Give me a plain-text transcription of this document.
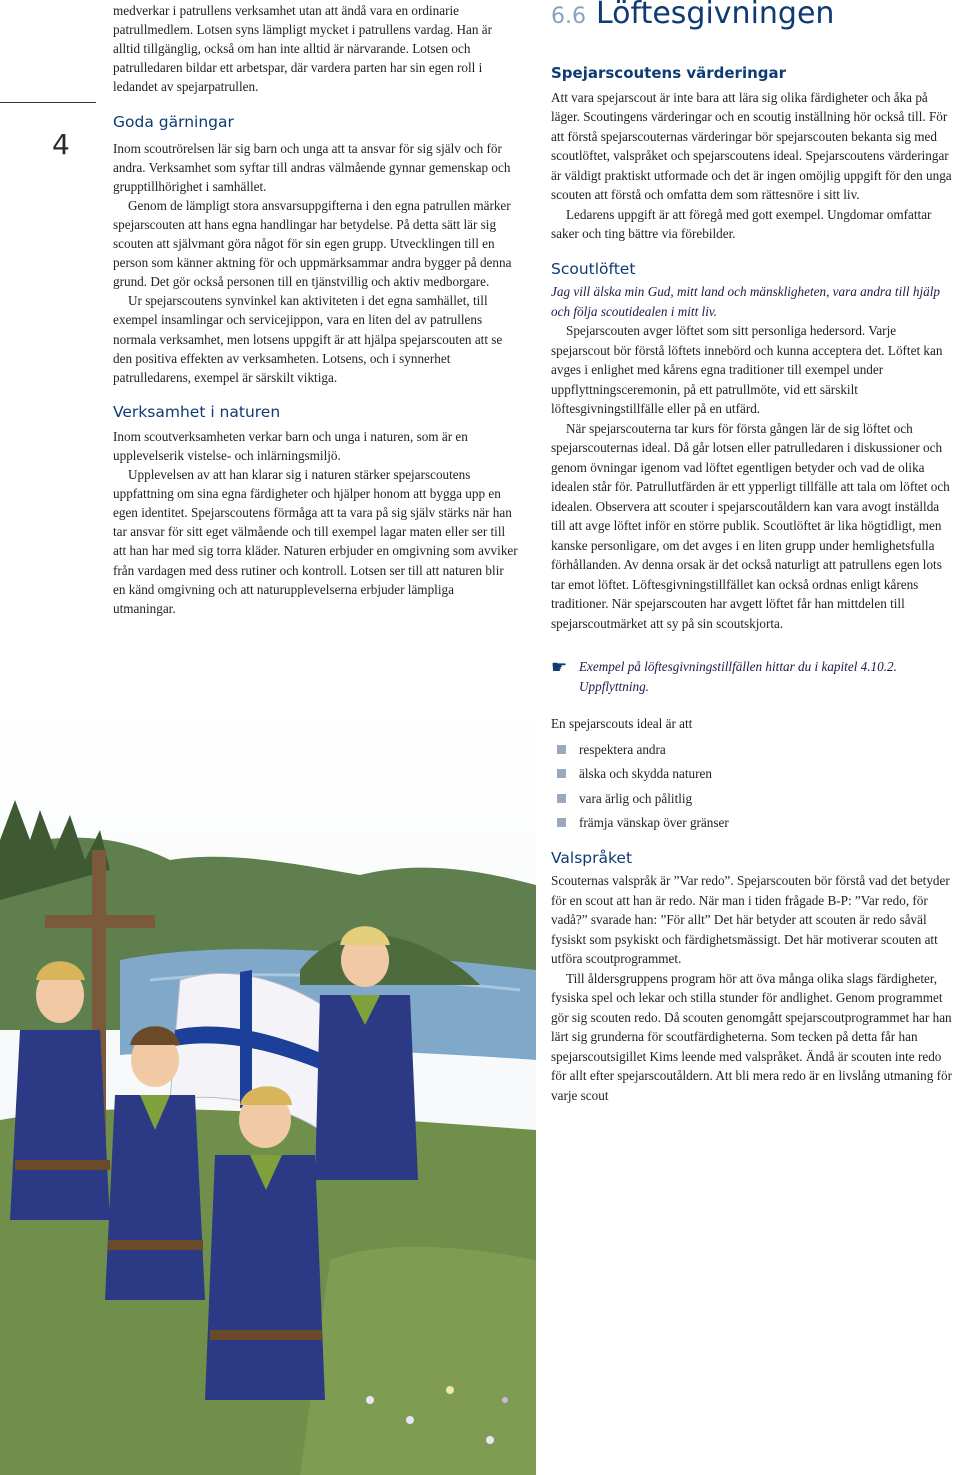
4

medverkar i patrullens verksamhet utan att ändå vara en ordinarie patrullmedlem. Lotsen syns lämpligt mycket i patrullens vardag. Han är alltid tillgänglig, också om han inte alltid är närvarande. Lotsen och patrulledaren bildar ett arbetspar, där vardera parten har sin egen roll i ledandet av spejarpatrullen.

Goda gärningar

Inom scoutrörelsen lär sig barn och unga att ta ansvar för sig själv och för andra. Verksamhet som syftar till andras välmående gynnar gemenskap och grupptillhörighet i samhället.

Genom de lämpligt stora ansvarsuppgifterna i den egna patrullen märker spejarscouten att hans egna handlingar har betydelse. På detta sätt lär sig scouten att självmant göra något för sin egen grupp. Utvecklingen till en person som känner aktning för och uppmärksammar andra bygger på denna grund. Det gör också personen till en tjänstvillig och aktiv medborgare.

Ur spejarscoutens synvinkel kan aktiviteten i det egna samhället, till exempel insamlingar och servicejippon, vara en liten del av patrullens normala verksamhet, men lotsens uppgift är att hjälpa spejarscouten att se den positiva effekten av verksamheten. Lotsens, och i synnerhet patrulledarens, exempel är särskilt viktiga.

Verksamhet i naturen

Inom scoutverksamheten verkar barn och unga i naturen, som är en upplevelserik vistelse- och inlärningsmiljö.

Upplevelsen av att han klarar sig i naturen stärker spejarscoutens uppfattning om sina egna färdigheter och hjälper honom att bygga upp en egen identitet. Spejarscoutens förmåga att ta vara på sig själv stärks när han tar ansvar för sitt eget välmående och till exempel lagar maten eller ser till att han har med sig torra kläder. Naturen erbjuder en omgivning som avviker från vardagen med dess rutiner och kontroll. Lotsen ser till att naturen blir en känd omgivning och att naturupplevelserna erbjuder lämpliga utmaningar.

6.6 Löftesgivningen
Spejarscoutens värderingar

Att vara spejarscout är inte bara att lära sig olika färdigheter och åka på läger. Scoutingens värderingar och en scoutig inställning hör också till. För att förstå spejarscouternas värderingar bör spejarscouten bekanta sig med scoutlöftet, valspråket och spejarscoutens ideal. Spejarscoutens värderingar är väldigt praktiskt utformade och det är ingen omöjlig uppgift för den unga scouten att förstå och omfatta dem som rättesnöre i sitt liv.

Ledarens uppgift är att föregå med gott exempel. Ungdomar omfattar saker och ting bättre via förebilder.

Scoutlöftet

Jag vill älska min Gud, mitt land och mänskligheten, vara andra till hjälp och följa scoutidealen i mitt liv.

Spejarscouten avger löftet som sitt personliga hedersord. Varje spejarscout bör förstå löftets innebörd och kunna acceptera det. Löftet kan avges i enlighet med kårens egna traditioner till exempel under uppflyttningsceremonin, på ett patrullmöte, vid ett särskilt löftesgivningstillfälle eller på en utfärd.

När spejarscouterna tar kurs för första gången lär de sig löftet och spejarscouternas ideal. Då går lotsen eller patrulledaren i diskussioner och genom övningar igenom vad löftet egentligen betyder och vad de olika idealen står för. Patrullutfärden är ett ypperligt tillfälle att tala om löftet och idealen. Observera att scouter i spejarscoutåldern kan vara avogt inställda till att avge löftet inför en större publik. Scoutlöftet är lika högtidligt, men kanske personligare, om det avges i en liten grupp under hemlighetsfulla förhållanden. Av denna orsak är det också naturligt att patrullens egen lots tar emot löftet. Löftesgivningstillfället kan också ordnas enligt kårens traditioner. När spejarscouten har avgett löftet får han mittdelen till spejarscoutmärket att sy på sin scoutskjorta.

☛ Exempel på löftesgivningstillfällen hittar du i kapitel 4.10.2. Uppflyttning.

En spejarscouts ideal är att

respektera andra
älska och skydda naturen
vara ärlig och pålitlig
främja vänskap över gränser
Valspråket

Scouternas valspråk är ”Var redo”. Spejarscouten bör förstå vad det betyder för en scout att han är redo. När man i tiden frågade B-P: ”Var redo, för vadå?” svarade han: ”För allt” Det här betyder att scouten är redo såväl fysiskt som psykiskt och färdighetsmässigt. Det här motiverar scouten att utföra scoutprogrammet.

Till åldersgruppens program hör att öva många olika slags färdigheter, fysiska spel och lekar och stilla stunder för andlighet. Genom programmet gör sig scouten redo. Då scouten genomgått spejarscoutprogrammet har han lärt sig grunderna för scoutfärdigheterna. Som tecken på detta får han spejarscoutsigillet Kims leende med valspråket. Ändå är scouten inte redo för allt efter spejarscoutåldern. Att bli mera redo är en livslång utmaning för varje scout
